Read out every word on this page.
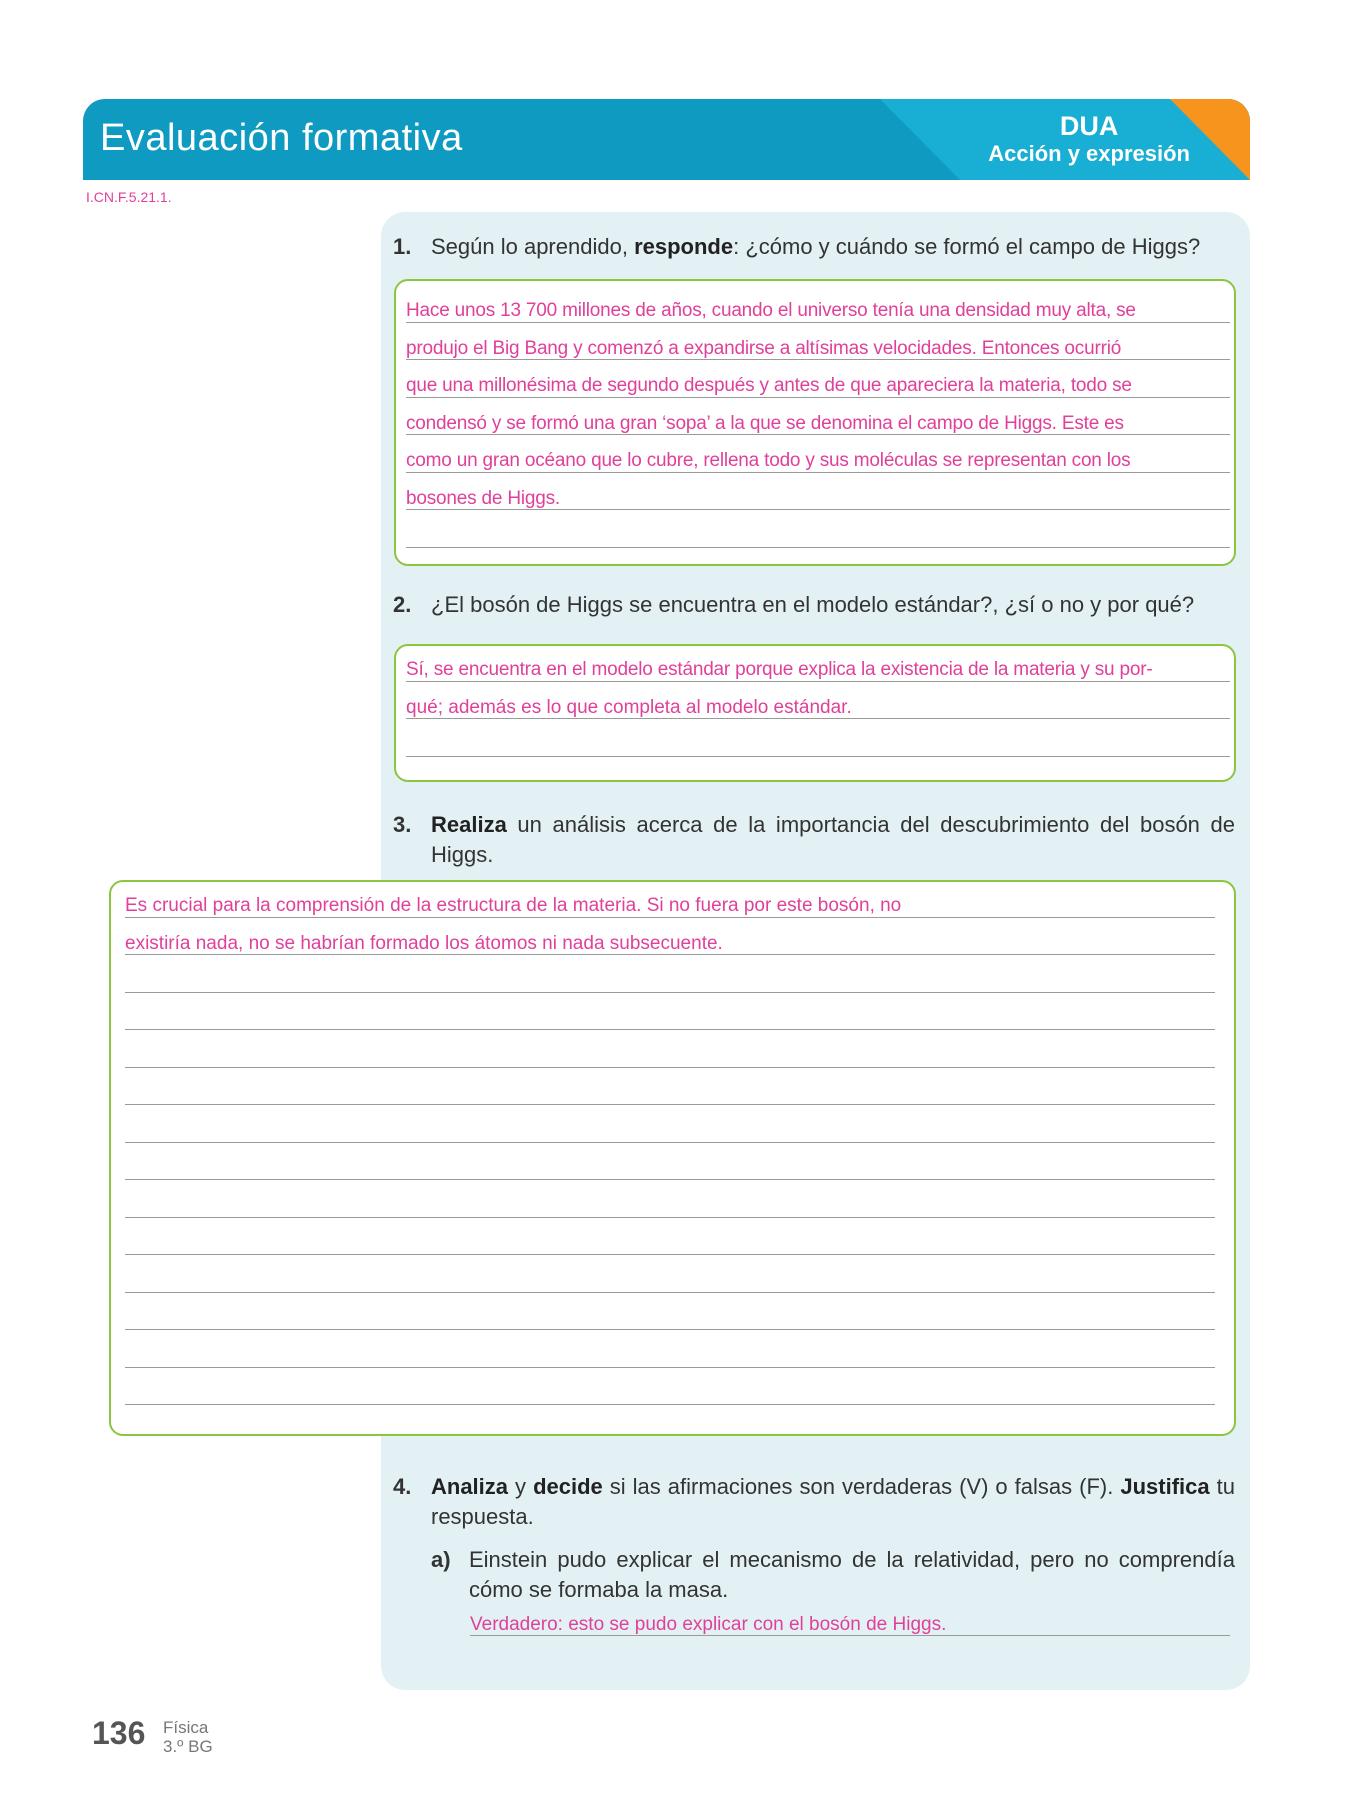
Evaluación formativa	DUA
Acción y expresión
I.CN.F.5.21.1.
1. Según lo aprendido, responde: ¿cómo y cuándo se formó el campo de Higgs?
Hace unos 13 700 millones de años, cuando el universo tenía una densidad muy alta, se
produjo el Big Bang y comenzó a expandirse a altísimas velocidades. Entonces ocurrió
que una millonésima de segundo después y antes de que apareciera la materia, todo se
condensó y se formó una gran ‘sopa’ a la que se denomina el campo de Higgs. Este es
como un gran océano que lo cubre, rellena todo y sus moléculas se representan con los
bosones de Higgs.
2. ¿El bosón de Higgs se encuentra en el modelo estándar?, ¿sí o no y por qué?
Sí, se encuentra en el modelo estándar porque explica la existencia de la materia y su por-
qué; además es lo que completa al modelo estándar.
3. Realiza un análisis acerca de la importancia del descubrimiento del bosón de Higgs.
Es crucial para la comprensión de la estructura de la materia. Si no fuera por este bosón, no
existiría nada, no se habrían formado los átomos ni nada subsecuente.
4. Analiza y decide si las afirmaciones son verdaderas (V) o falsas (F). Justifica tu respuesta.
a) Einstein pudo explicar el mecanismo de la relatividad, pero no comprendía cómo se formaba la masa.
Verdadero: esto se pudo explicar con el bosón de Higgs.
136 Física
3.º BG
